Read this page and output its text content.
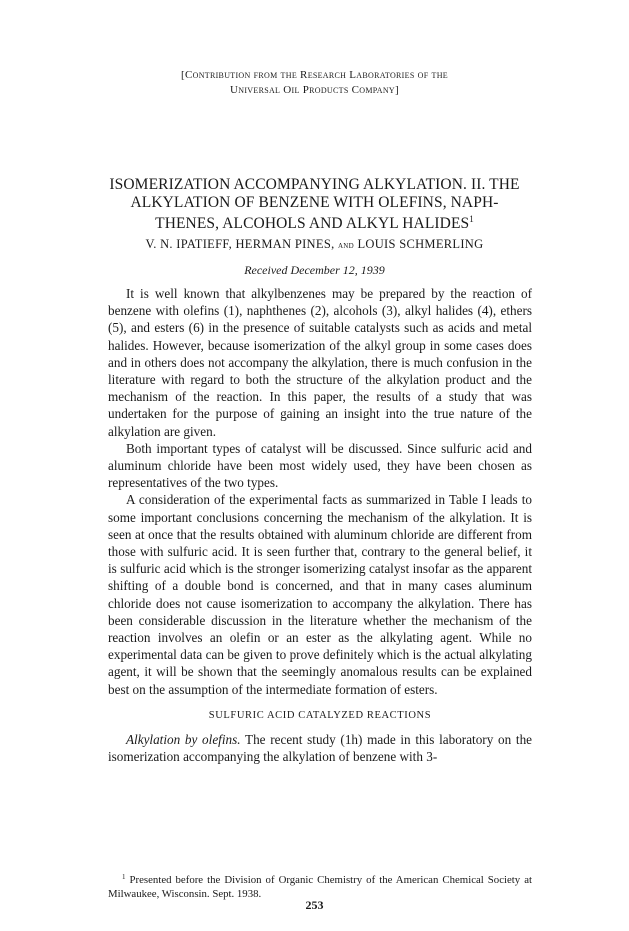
[Contribution from the Research Laboratories of the
Universal Oil Products Company]
ISOMERIZATION ACCOMPANYING ALKYLATION. II. THE
ALKYLATION OF BENZENE WITH OLEFINS, NAPH-
THENES, ALCOHOLS AND ALKYL HALIDES$^1$
V. N. IPATIEFF, HERMAN PINES, and LOUIS SCHMERLING
Received December 12, 1939

It is well known that alkylbenzenes may be prepared by the reaction of benzene with olefins (1), naphthenes (2), alcohols (3), alkyl halides (4), ethers (5), and esters (6) in the presence of suitable catalysts such as acids and metal halides. However, because isomerization of the alkyl group in some cases does and in others does not accompany the alkylation, there is much confusion in the literature with regard to both the structure of the alkylation product and the mechanism of the reaction. In this paper, the results of a study that was undertaken for the purpose of gaining an insight into the true nature of the alkylation are given.

Both important types of catalyst will be discussed. Since sulfuric acid and aluminum chloride have been most widely used, they have been chosen as representatives of the two types.

A consideration of the experimental facts as summarized in Table I leads to some important conclusions concerning the mechanism of the alkylation. It is seen at once that the results obtained with aluminum chloride are different from those with sulfuric acid. It is seen further that, contrary to the general belief, it is sulfuric acid which is the stronger isomerizing catalyst insofar as the apparent shifting of a double bond is concerned, and that in many cases aluminum chloride does not cause isomerization to accompany the alkylation. There has been considerable discussion in the literature whether the mechanism of the reaction involves an olefin or an ester as the alkylating agent. While no experimental data can be given to prove definitely which is the actual alkylating agent, it will be shown that the seemingly anomalous results can be explained best on the assumption of the intermediate formation of esters.

SULFURIC ACID CATALYZED REACTIONS

Alkylation by olefins. The recent study (1h) made in this laboratory on the isomerization accompanying the alkylation of benzene with 3-

$^1$ Presented before the Division of Organic Chemistry of the American Chemical Society at Milwaukee, Wisconsin. Sept. 1938.

253
